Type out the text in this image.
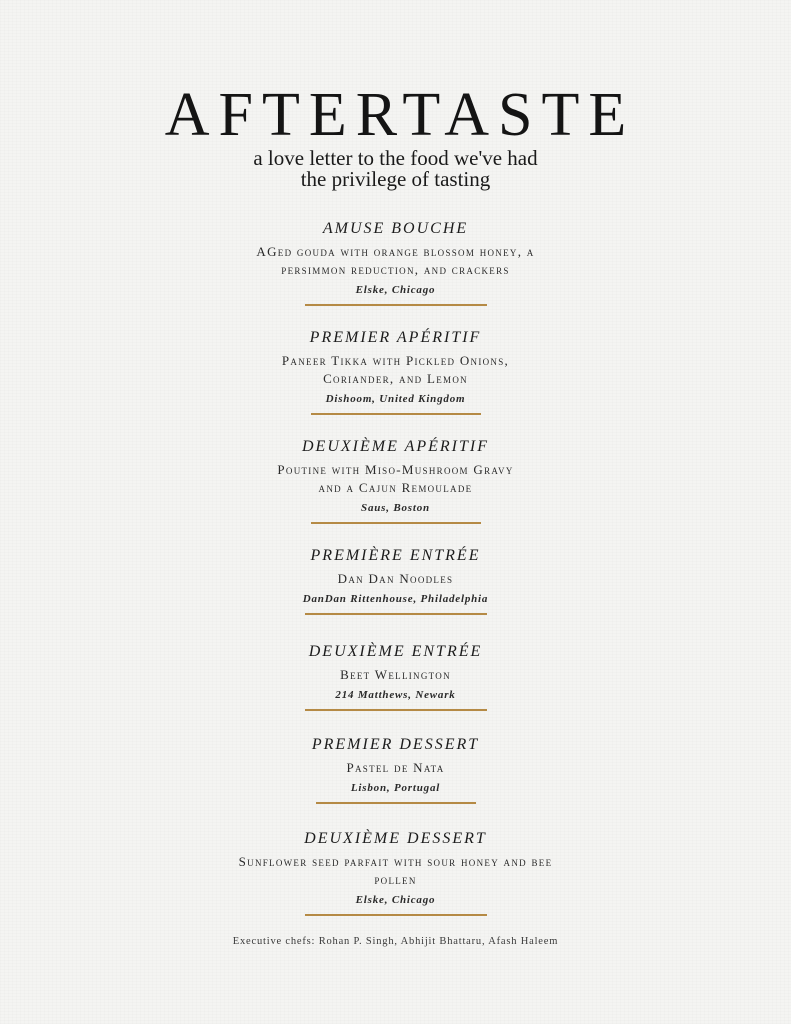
AFTERTASTE
a love letter to the food we've had
the privilege of tasting
AMUSE BOUCHE
AGed gouda with orange blossom honey, a
persimmon reduction, and crackers
Elske, Chicago
PREMIER APÉRITIF
Paneer Tikka with Pickled Onions,
Coriander, and Lemon
Dishoom, United Kingdom
DEUXIÈME APÉRITIF
Poutine with Miso-Mushroom Gravy
and a Cajun Remoulade
Saus, Boston
PREMIÈRE ENTRÉE
Dan Dan Noodles
DanDan Rittenhouse, Philadelphia
DEUXIÈME ENTRÉE
Beet Wellington
214 Matthews, Newark
PREMIER DESSERT
Pastel de Nata
Lisbon, Portugal
DEUXIÈME DESSERT
Sunflower seed parfait with sour honey and bee
pollen
Elske, Chicago
Executive chefs: Rohan P. Singh, Abhijit Bhattaru, Afash Haleem
